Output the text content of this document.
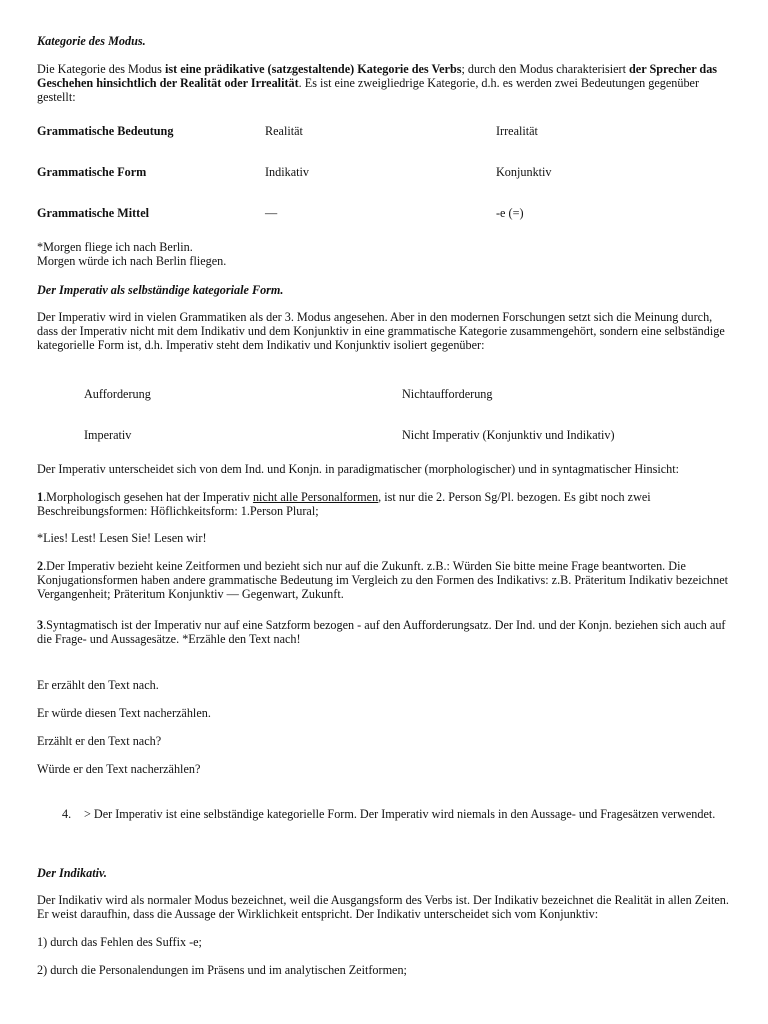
Kategorie des Modus.

Die Kategorie des Modus ist eine prädikative (satzgestaltende) Kategorie des Verbs; durch den Modus charakterisiert der Sprecher das Geschehen hinsichtlich der Realität oder Irrealität. Es ist eine zweigliedrige Kategorie, d.h. es werden zwei Bedeutungen gegenüber gestellt:

Grammatische Bedeutung	Realität	Irrealität
Grammatische Form	Indikativ	Konjunktiv
Grammatische Mittel	—	-e (=)

*Morgen fliege ich nach Berlin.
Morgen würde ich nach Berlin fliegen.

Der Imperativ als selbständige kategoriale Form.

Der Imperativ wird in vielen Grammatiken als der 3. Modus angesehen. Aber in den modernen Forschungen setzt sich die Meinung durch, dass der Imperativ nicht mit dem Indikativ und dem Konjunktiv in eine grammatische Kategorie zusammengehört, sondern eine selbständige kategorielle Form ist, d.h. Imperativ steht dem Indikativ und Konjunktiv isoliert gegenüber:

Aufforderung	Nichtaufforderung
Imperativ	Nicht Imperativ (Konjunktiv und Indikativ)

Der Imperativ unterscheidet sich von dem Ind. und Konjn. in paradigmatischer (morphologischer) und in syntagmatischer Hinsicht:

1.Morphologisch gesehen hat der Imperativ nicht alle Personalformen, ist nur die 2. Person Sg/Pl. bezogen. Es gibt noch zwei Beschreibungsformen: Höflichkeitsform: 1.Person Plural;

*Lies! Lest! Lesen Sie! Lesen wir!

2.Der Imperativ bezieht keine Zeitformen und bezieht sich nur auf die Zukunft. z.B.: Würden Sie bitte meine Frage beantworten. Die Konjugationsformen haben andere grammatische Bedeutung im Vergleich zu den Formen des Indikativs: z.B. Präteritum Indikativ bezeichnet Vergangenheit; Präteritum Konjunktiv — Gegenwart, Zukunft.

3.Syntagmatisch ist der Imperativ nur auf eine Satzform bezogen - auf den Aufforderungsatz. Der Ind. und der Konjn. beziehen sich auch auf die Frage- und Aussagesätze. *Erzähle den Text nach!

Er erzählt den Text nach.

Er würde diesen Text nacherzählen.

Erzählt er den Text nach?

Würde er den Text nacherzählen?

4. > Der Imperativ ist eine selbständige kategorielle Form. Der Imperativ wird niemals in den Aussage- und Fragesätzen verwendet.

Der Indikativ.

Der Indikativ wird als normaler Modus bezeichnet, weil die Ausgangsform des Verbs ist. Der Indikativ bezeichnet die Realität in allen Zeiten. Er weist daraufhin, dass die Aussage der Wirklichkeit entspricht. Der Indikativ unterscheidet sich vom Konjunktiv:

1) durch das Fehlen des Suffix -e;

2) durch die Personalendungen im Präsens und im analytischen Zeitformen;
